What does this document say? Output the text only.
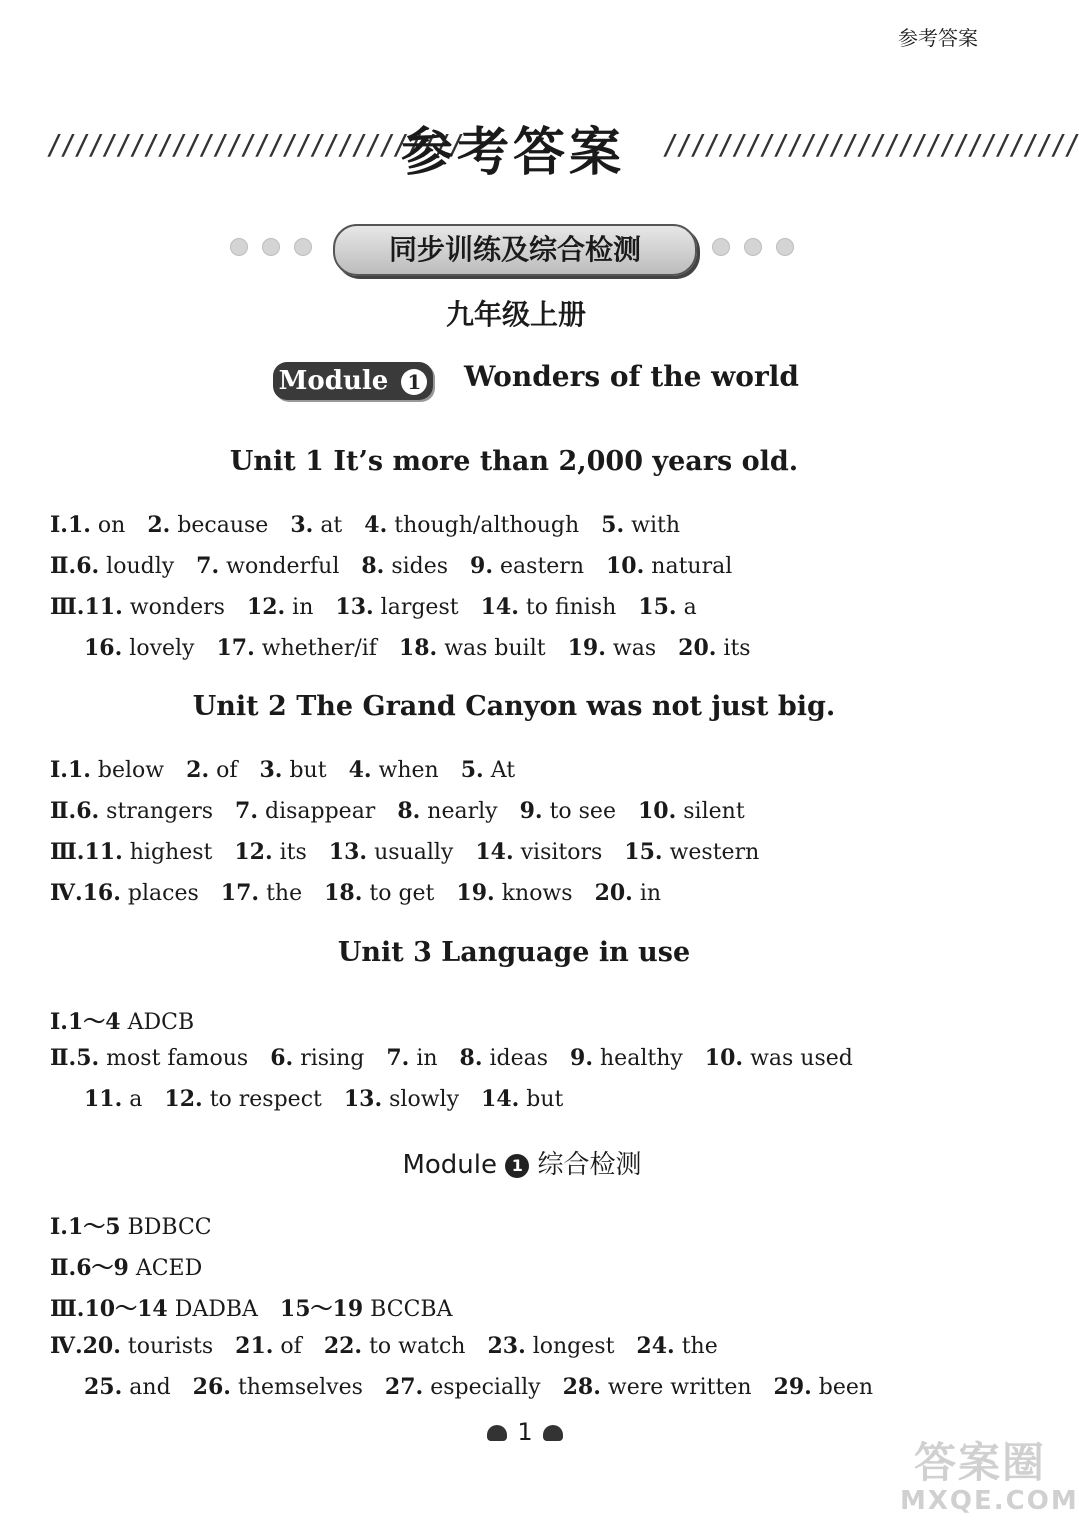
参考答案
//////////////////////////////
参考答案	//////////////////////////////
同步训练及综合检测
九年级上册
Module 1	Wonders of the world
Unit 1 It’s more than 2,000 years old.
Ⅰ.1. on 2. because 3. at 4. though/although 5. with
Ⅱ.6. loudly 7. wonderful 8. sides 9. eastern 10. natural
Ⅲ.11. wonders 12. in 13. largest 14. to finish 15. a
16. lovely 17. whether/if 18. was built 19. was 20. its
Ⅰ.1. below 2. of 3. but 4. when 5. At
Ⅱ.6. strangers 7. disappear 8. nearly 9. to see 10. silent
Ⅲ.11. highest 12. its 13. usually 14. visitors 15. western
Ⅳ.16. places 17. the 18. to get 19. knows 20. in
Ⅰ.1～4 ADCB
Ⅱ.5. most famous 6. rising 7. in 8. ideas 9. healthy 10. was used
11. a 12. to respect 13. slowly 14. but
Ⅰ.1～5 BDBCC
Ⅱ.6～9 ACED
Ⅲ.10～14 DADBA 15～19 BCCBA
Ⅳ.20. tourists 21. of 22. to watch 23. longest 24. the
25. and 26. themselves 27. especially 28. were written 29. been
Unit 2 The Grand Canyon was not just big.
Unit 3 Language in use
Module 1 综合检测
1
答案圈
MXQE.COM
